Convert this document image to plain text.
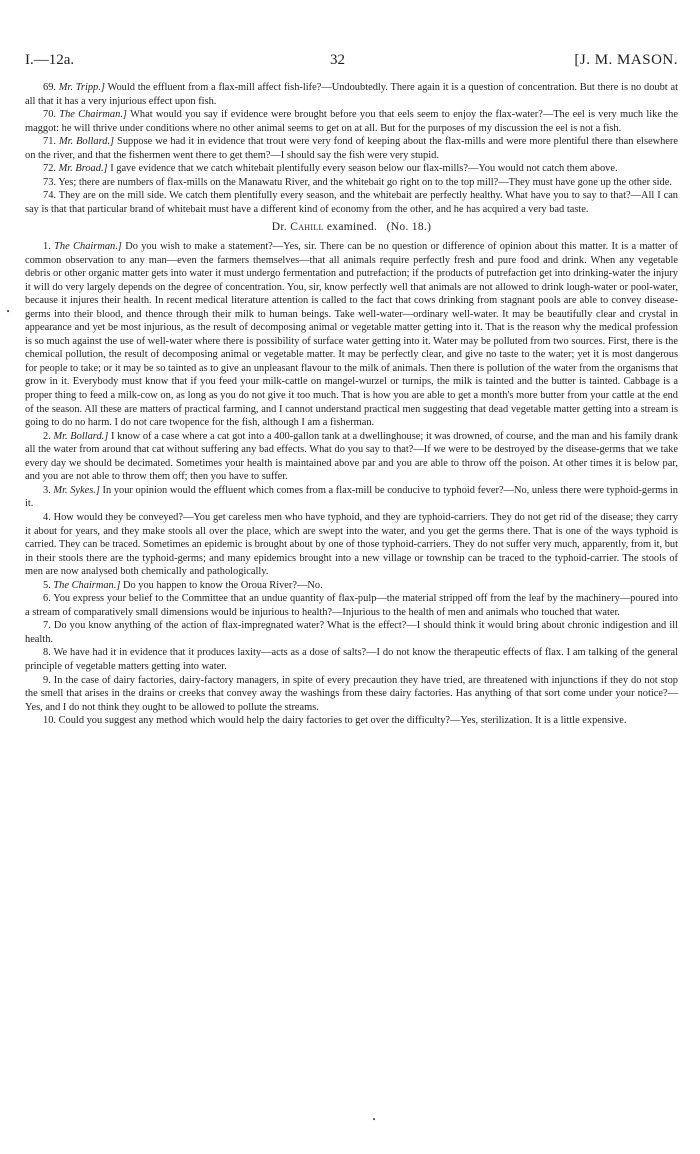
I.—12a.	32	[J. M. MASON.

69. Mr. Tripp.] Would the effluent from a flax-mill affect fish-life?—Undoubtedly. There again it is a question of concentration. But there is no doubt at all that it has a very injurious effect upon fish.

70. The Chairman.] What would you say if evidence were brought before you that eels seem to enjoy the flax-water?—The eel is very much like the maggot: he will thrive under conditions where no other animal seems to get on at all. But for the purposes of my discussion the eel is not a fish.

71. Mr. Bollard.] Suppose we had it in evidence that trout were very fond of keeping about the flax-mills and were more plentiful there than elsewhere on the river, and that the fishermen went there to get them?—I should say the fish were very stupid.

72. Mr. Broad.] I gave evidence that we catch whitebait plentifully every season below our flax-mills?—You would not catch them above.

73. Yes; there are numbers of flax-mills on the Manawatu River, and the whitebait go right on to the top mill?—They must have gone up the other side.

74. They are on the mill side. We catch them plentifully every season, and the whitebait are perfectly healthy. What have you to say to that?—All I can say is that that particular brand of whitebait must have a different kind of economy from the other, and he has acquired a very bad taste.

Dr. Cahill examined. (No. 18.)

1. The Chairman.] Do you wish to make a statement?—Yes, sir. There can be no question or difference of opinion about this matter. It is a matter of common observation to any man—even the farmers themselves—that all animals require perfectly fresh and pure food and drink. When any vegetable debris or other organic matter gets into water it must undergo fermentation and putrefaction; if the products of putrefaction get into drinking-water the injury it will do very largely depends on the degree of concentration. You, sir, know perfectly well that animals are not allowed to drink lough-water or pool-water, because it injures their health. In recent medical literature attention is called to the fact that cows drinking from stagnant pools are able to convey disease-germs into their blood, and thence through their milk to human beings. Take well-water—ordinary well-water. It may be beautifully clear and crystal in appearance and yet be most injurious, as the result of decomposing animal or vegetable matter getting into it. That is the reason why the medical profession is so much against the use of well-water where there is possibility of surface water getting into it. Water may be polluted from two sources. First, there is the chemical pollution, the result of decomposing animal or vegetable matter. It may be perfectly clear, and give no taste to the water; yet it is most dangerous for people to take; or it may be so tainted as to give an unpleasant flavour to the milk of animals. Then there is pollution of the water from the organisms that grow in it. Everybody must know that if you feed your milk-cattle on mangel-wurzel or turnips, the milk is tainted and the butter is tainted. Cabbage is a proper thing to feed a milk-cow on, as long as you do not give it too much. That is how you are able to get a month's more butter from your cattle at the end of the season. All these are matters of practical farming, and I cannot understand practical men suggesting that dead vegetable matter getting into a stream is going to do no harm. I do not care twopence for the fish, although I am a fisherman.

2. Mr. Bollard.] I know of a case where a cat got into a 400-gallon tank at a dwellinghouse; it was drowned, of course, and the man and his family drank all the water from around that cat without suffering any bad effects. What do you say to that?—If we were to be destroyed by the disease-germs that we take every day we should be decimated. Sometimes your health is maintained above par and you are able to throw off the poison. At other times it is below par, and you are not able to throw them off; then you have to suffer.

3. Mr. Sykes.] In your opinion would the effluent which comes from a flax-mill be conducive to typhoid fever?—No, unless there were typhoid-germs in it.

4. How would they be conveyed?—You get careless men who have typhoid, and they are typhoid-carriers. They do not get rid of the disease; they carry it about for years, and they make stools all over the place, which are swept into the water, and you get the germs there. That is one of the ways typhoid is carried. They can be traced. Sometimes an epidemic is brought about by one of those typhoid-carriers. They do not suffer very much, apparently, from it, but in their stools there are the typhoid-germs; and many epidemics brought into a new village or township can be traced to the typhoid-carrier. The stools of men are now analysed both chemically and pathologically.

5. The Chairman.] Do you happen to know the Oroua River?—No.

6. You express your belief to the Committee that an undue quantity of flax-pulp—the material stripped off from the leaf by the machinery—poured into a stream of comparatively small dimensions would be injurious to health?—Injurious to the health of men and animals who touched that water.

7. Do you know anything of the action of flax-impregnated water? What is the effect?—I should think it would bring about chronic indigestion and ill health.

8. We have had it in evidence that it produces laxity—acts as a dose of salts?—I do not know the therapeutic effects of flax. I am talking of the general principle of vegetable matters getting into water.

9. In the case of dairy factories, dairy-factory managers, in spite of every precaution they have tried, are threatened with injunctions if they do not stop the smell that arises in the drains or creeks that convey away the washings from these dairy factories. Has anything of that sort come under your notice?—Yes, and I do not think they ought to be allowed to pollute the streams.

10. Could you suggest any method which would help the dairy factories to get over the difficulty?—Yes, sterilization. It is a little expensive.

•
•
